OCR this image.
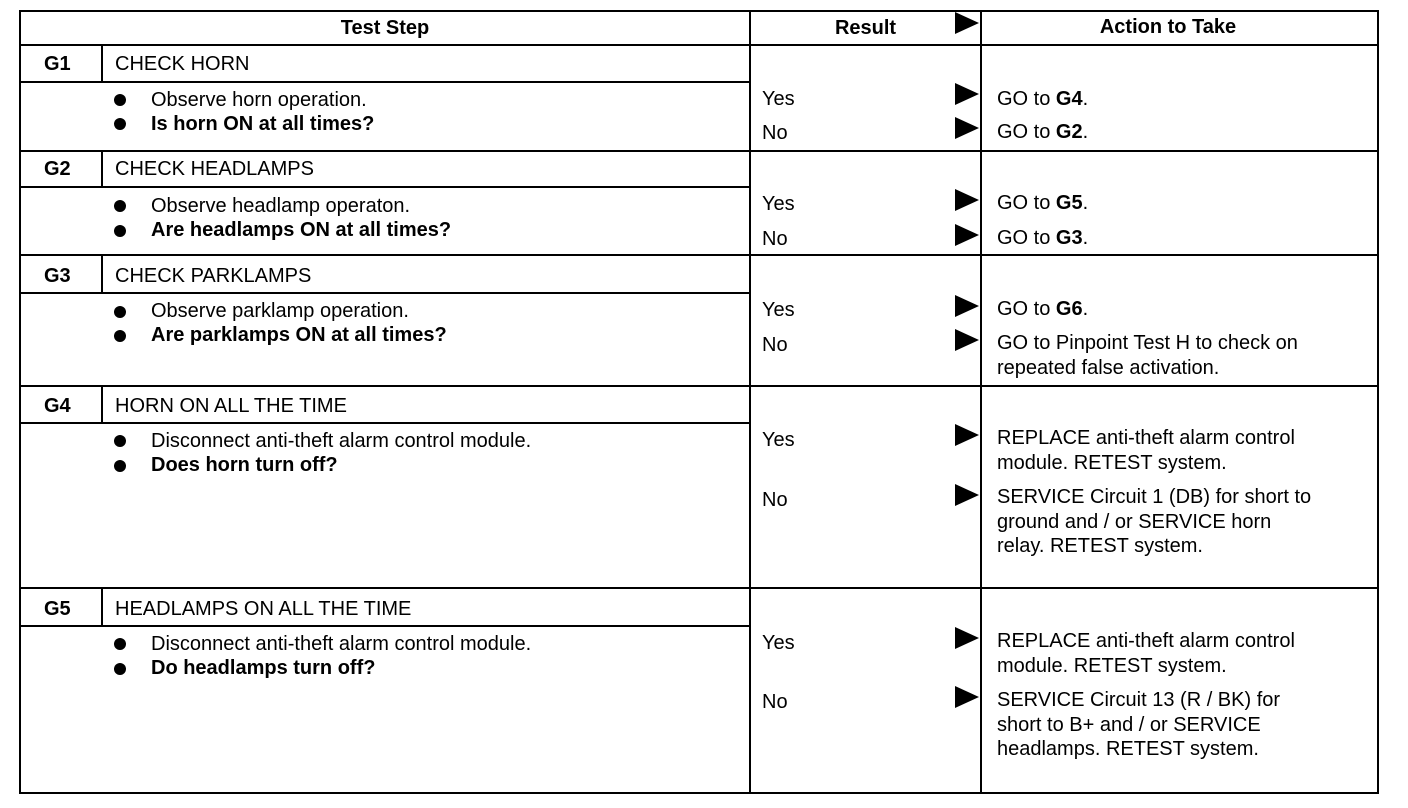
Test Step	Result	Action to Take
G1 CHECK HORN
Observe horn operation.
Is horn ON at all times?
Yes	GO to G4.
No	GO to G2.
G2 CHECK HEADLAMPS
Observe headlamp operaton.
Are headlamps ON at all times?
Yes	GO to G5.
No	GO to G3.
G3 CHECK PARKLAMPS
Observe parklamp operation.
Are parklamps ON at all times?
Yes	GO to G6.
No	GO to Pinpoint Test H to check on
repeated false activation.
G4 HORN ON ALL THE TIME
Disconnect anti-theft alarm control module.
Does horn turn off?
Yes	REPLACE anti-theft alarm control
module. RETEST system.
No	SERVICE Circuit 1 (DB) for short to
ground and / or SERVICE horn
relay. RETEST system.
G5 HEADLAMPS ON ALL THE TIME
Disconnect anti-theft alarm control module.
Do headlamps turn off?
Yes	REPLACE anti-theft alarm control
module. RETEST system.
No	SERVICE Circuit 13 (R / BK) for
short to B+ and / or SERVICE
headlamps. RETEST system.
